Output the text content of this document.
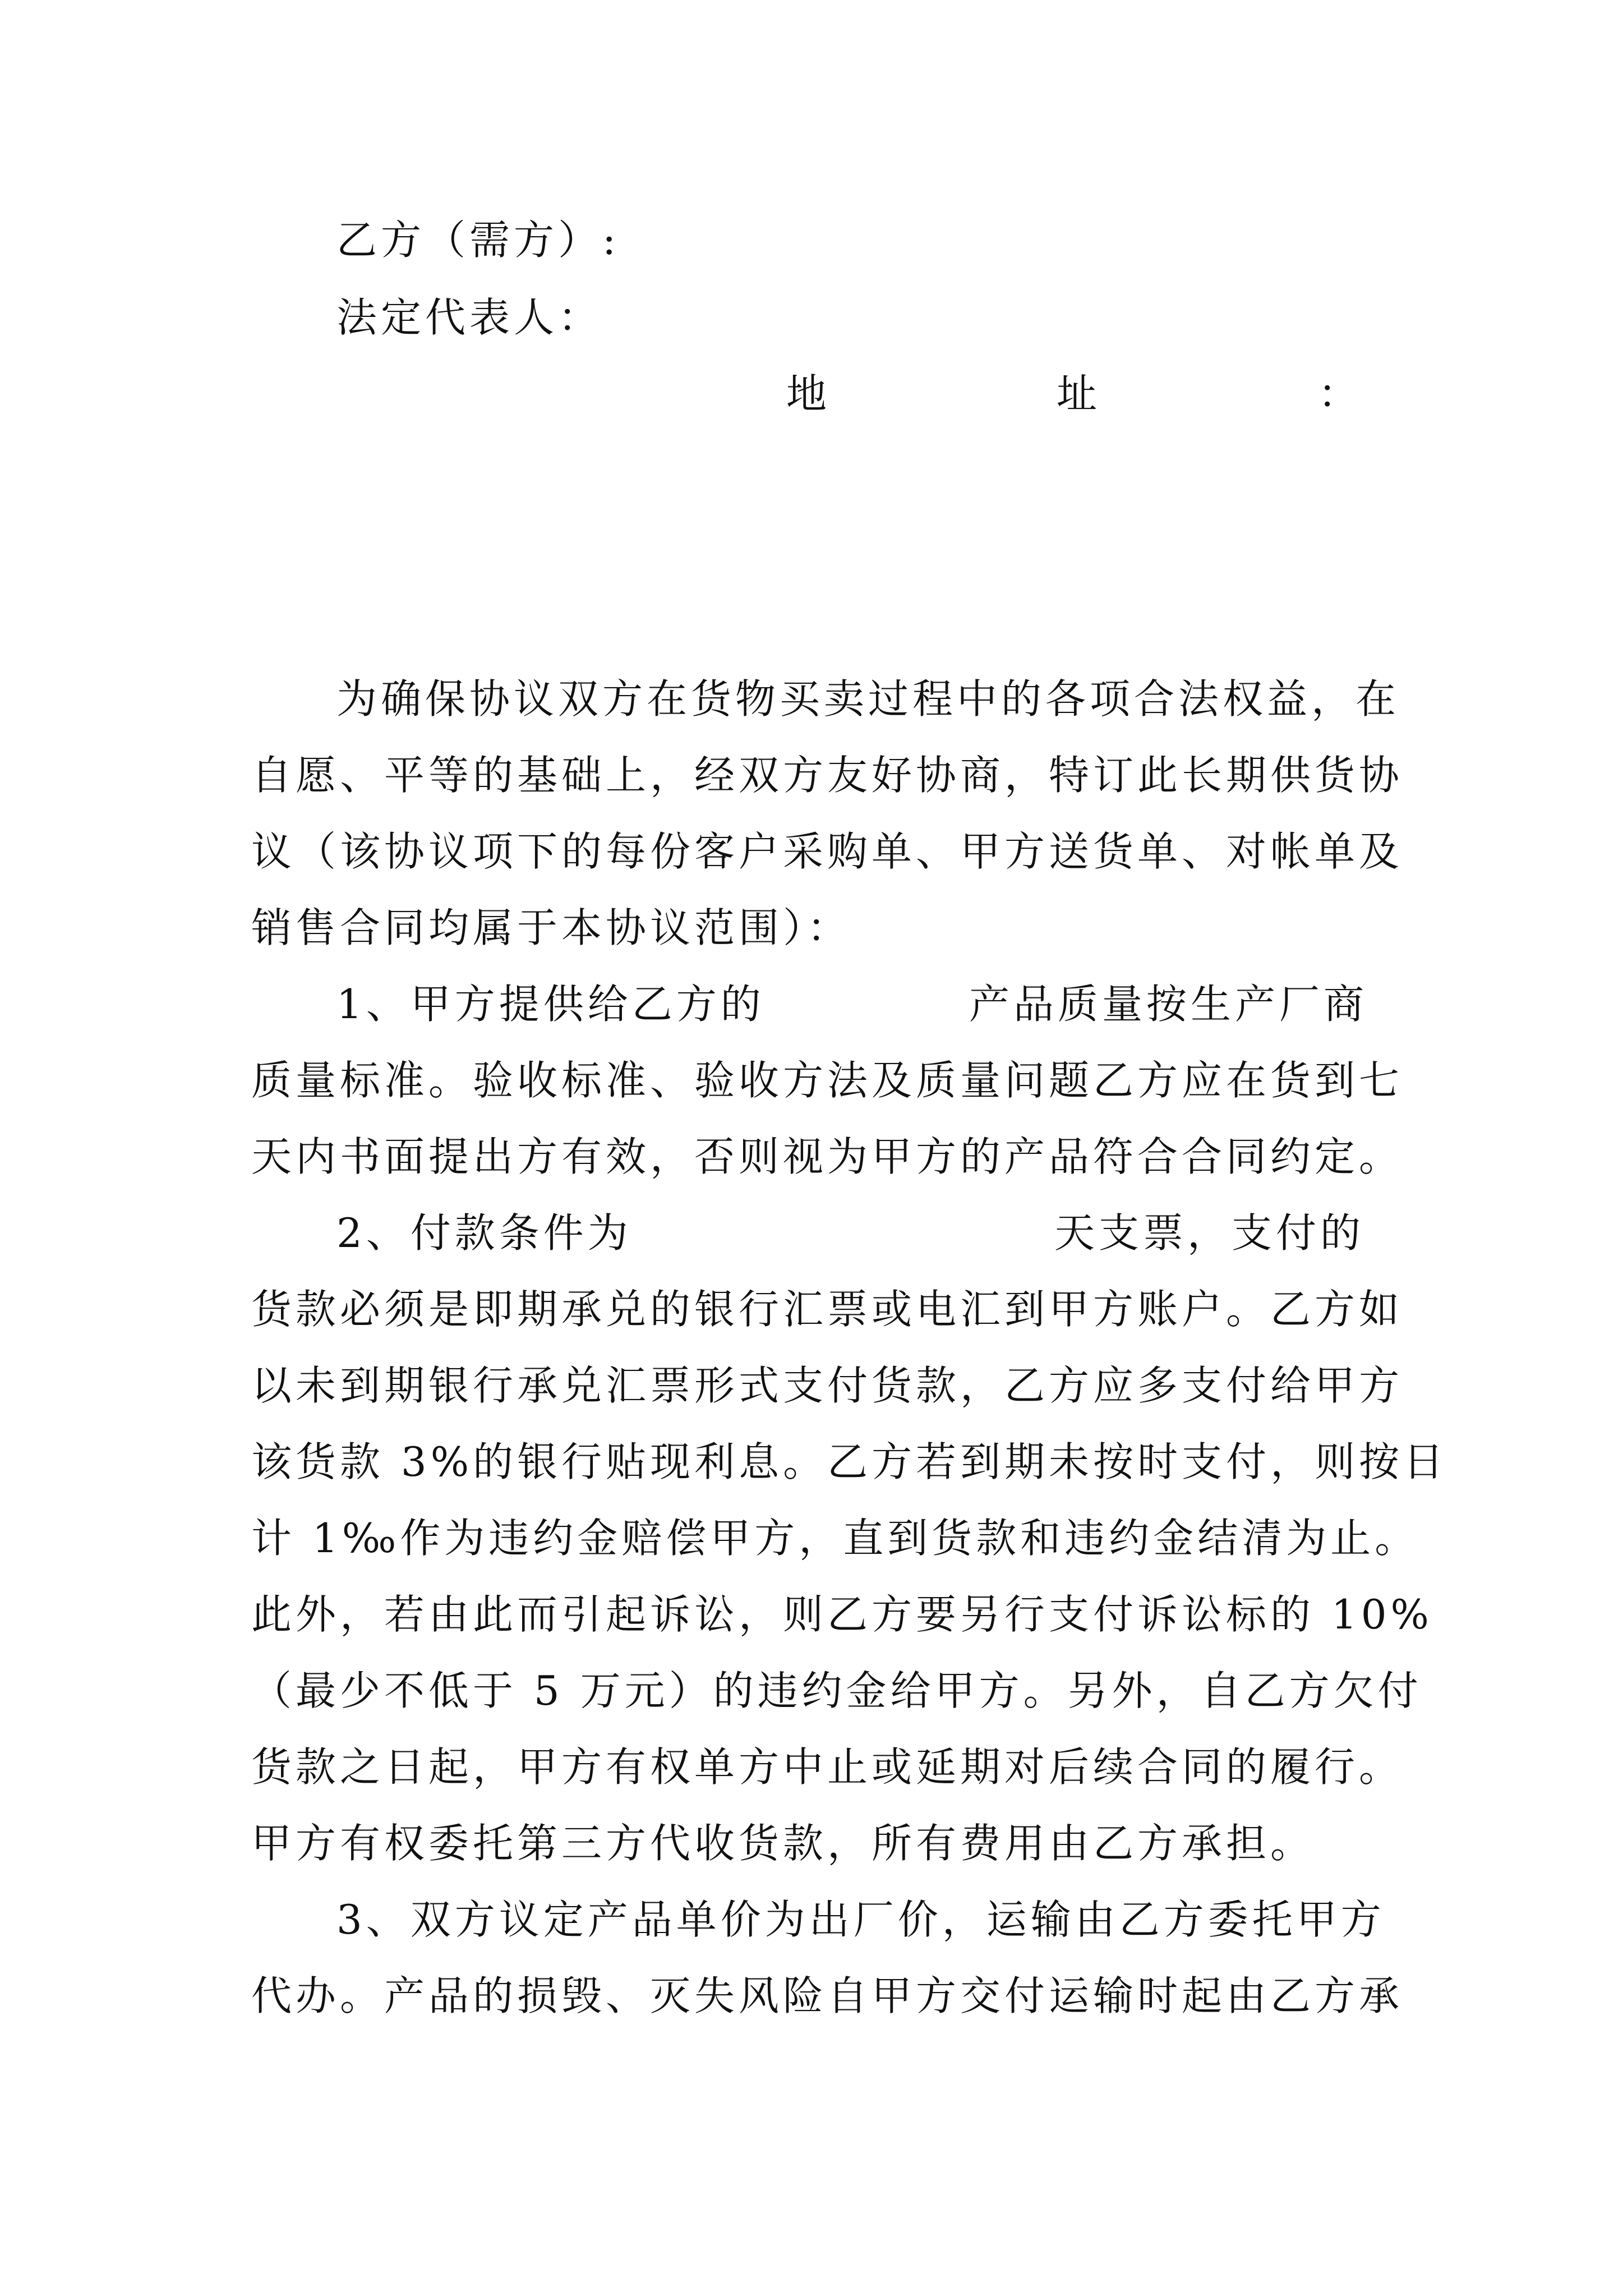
乙方（需方）:
法定代表人：
地	址	：
为确保协议双方在货物买卖过程中的各项合法权益，在
自愿、平等的基础上，经双方友好协商，特订此长期供货协
议（该协议项下的每份客户采购单、甲方送货单、对帐单及
销售合同均属于本协议范围）：
1、甲方提供给乙方的	产品质量按生产厂商
质量标准。验收标准、验收方法及质量问题乙方应在货到七
天内书面提出方有效，否则视为甲方的产品符合合同约定。
2、付款条件为	天支票，支付的
货款必须是即期承兑的银行汇票或电汇到甲方账户。乙方如
以未到期银行承兑汇票形式支付货款，乙方应多支付给甲方
该货款 3%的银行贴现利息。乙方若到期未按时支付，则按日
计 1‰作为违约金赔偿甲方，直到货款和违约金结清为止。
此外，若由此而引起诉讼，则乙方要另行支付诉讼标的 10%
（最少不低于 5 万元）的违约金给甲方。另外，自乙方欠付
货款之日起，甲方有权单方中止或延期对后续合同的履行。
甲方有权委托第三方代收货款，所有费用由乙方承担。
3、双方议定产品单价为出厂价，运输由乙方委托甲方
代办。产品的损毁、灭失风险自甲方交付运输时起由乙方承
